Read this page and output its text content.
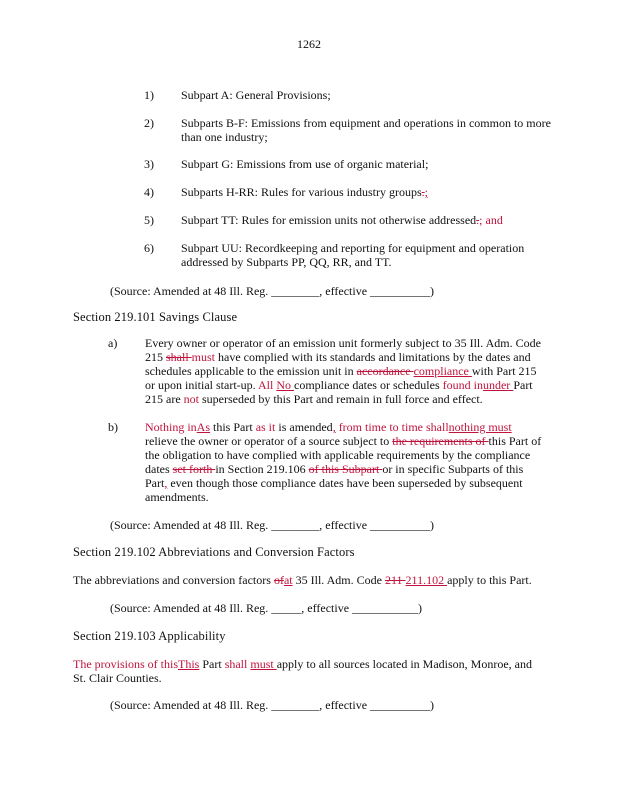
1262
1)	Subpart A: General Provisions;
2)	Subparts B-F: Emissions from equipment and operations in common to more than one industry;
3)	Subpart G: Emissions from use of organic material;
4)	Subparts H-RR: Rules for various industry groups.;
5)	Subpart TT: Rules for emission units not otherwise addressed.; and
6)	Subpart UU: Recordkeeping and reporting for equipment and operation addressed by Subparts PP, QQ, RR, and TT.
(Source: Amended at 48 Ill. Reg. ________, effective __________)
Section 219.101 Savings Clause
a) Every owner or operator of an emission unit formerly subject to 35 Ill. Adm. Code 215 shall must have complied with its standards and limitations by the dates and schedules applicable to the emission unit in accordance compliance with Part 215 or upon initial start-up. All No compliance dates or schedules found inunder Part 215 are not superseded by this Part and remain in full force and effect.
b) Nothing inAs this Part as it is amended, from time to time shallnothing must relieve the owner or operator of a source subject to the requirements of this Part of the obligation to have complied with applicable requirements by the compliance dates set forth in Section 219.106 of this Subpart or in specific Subparts of this Part, even though those compliance dates have been superseded by subsequent amendments.
(Source: Amended at 48 Ill. Reg. ________, effective __________)
Section 219.102 Abbreviations and Conversion Factors
The abbreviations and conversion factors ofat 35 Ill. Adm. Code 211 211.102 apply to this Part.
(Source: Amended at 48 Ill. Reg. _____, effective ___________)
Section 219.103 Applicability
The provisions of thisThis Part shall must apply to all sources located in Madison, Monroe, and St. Clair Counties.
(Source: Amended at 48 Ill. Reg. ________, effective __________)
